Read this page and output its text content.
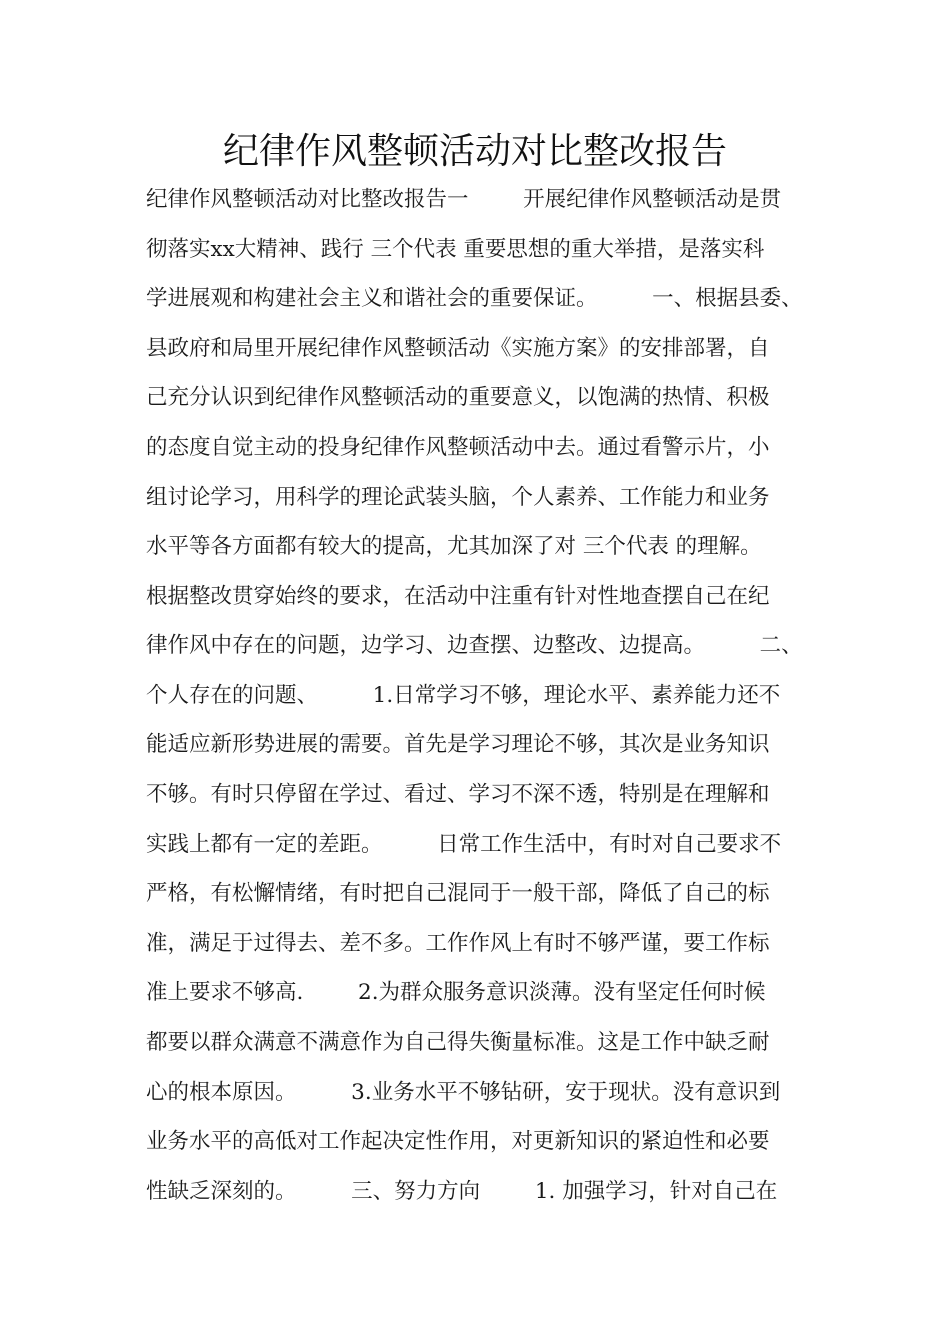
纪律作风整顿活动对比整改报告

纪律作风整顿活动对比整改报告一        开展纪律作风整顿活动是贯

彻落实xx大精神、践行 三个代表 重要思想的重大举措，是落实科

学进展观和构建社会主义和谐社会的重要保证。        一、根据县委、

县政府和局里开展纪律作风整顿活动《实施方案》的安排部署，自

己充分认识到纪律作风整顿活动的重要意义，以饱满的热情、积极

的态度自觉主动的投身纪律作风整顿活动中去。通过看警示片，小

组讨论学习，用科学的理论武装头脑，个人素养、工作能力和业务

水平等各方面都有较大的提高，尤其加深了对 三个代表 的理解。

根据整改贯穿始终的要求，在活动中注重有针对性地查摆自己在纪

律作风中存在的问题，边学习、边查摆、边整改、边提高。        二、

个人存在的问题、        1.日常学习不够，理论水平、素养能力还不

能适应新形势进展的需要。首先是学习理论不够，其次是业务知识

不够。有时只停留在学过、看过、学习不深不透，特别是在理解和

实践上都有一定的差距。        日常工作生活中，有时对自己要求不

严格，有松懈情绪，有时把自己混同于一般干部，降低了自己的标

准，满足于过得去、差不多。工作作风上有时不够严谨，要工作标

准上要求不够高.        2.为群众服务意识淡薄。没有坚定任何时候

都要以群众满意不满意作为自己得失衡量标准。这是工作中缺乏耐

心的根本原因。        3.业务水平不够钻研，安于现状。没有意识到

业务水平的高低对工作起决定性作用，对更新知识的紧迫性和必要

性缺乏深刻的。        三、努力方向        1. 加强学习，针对自己在
